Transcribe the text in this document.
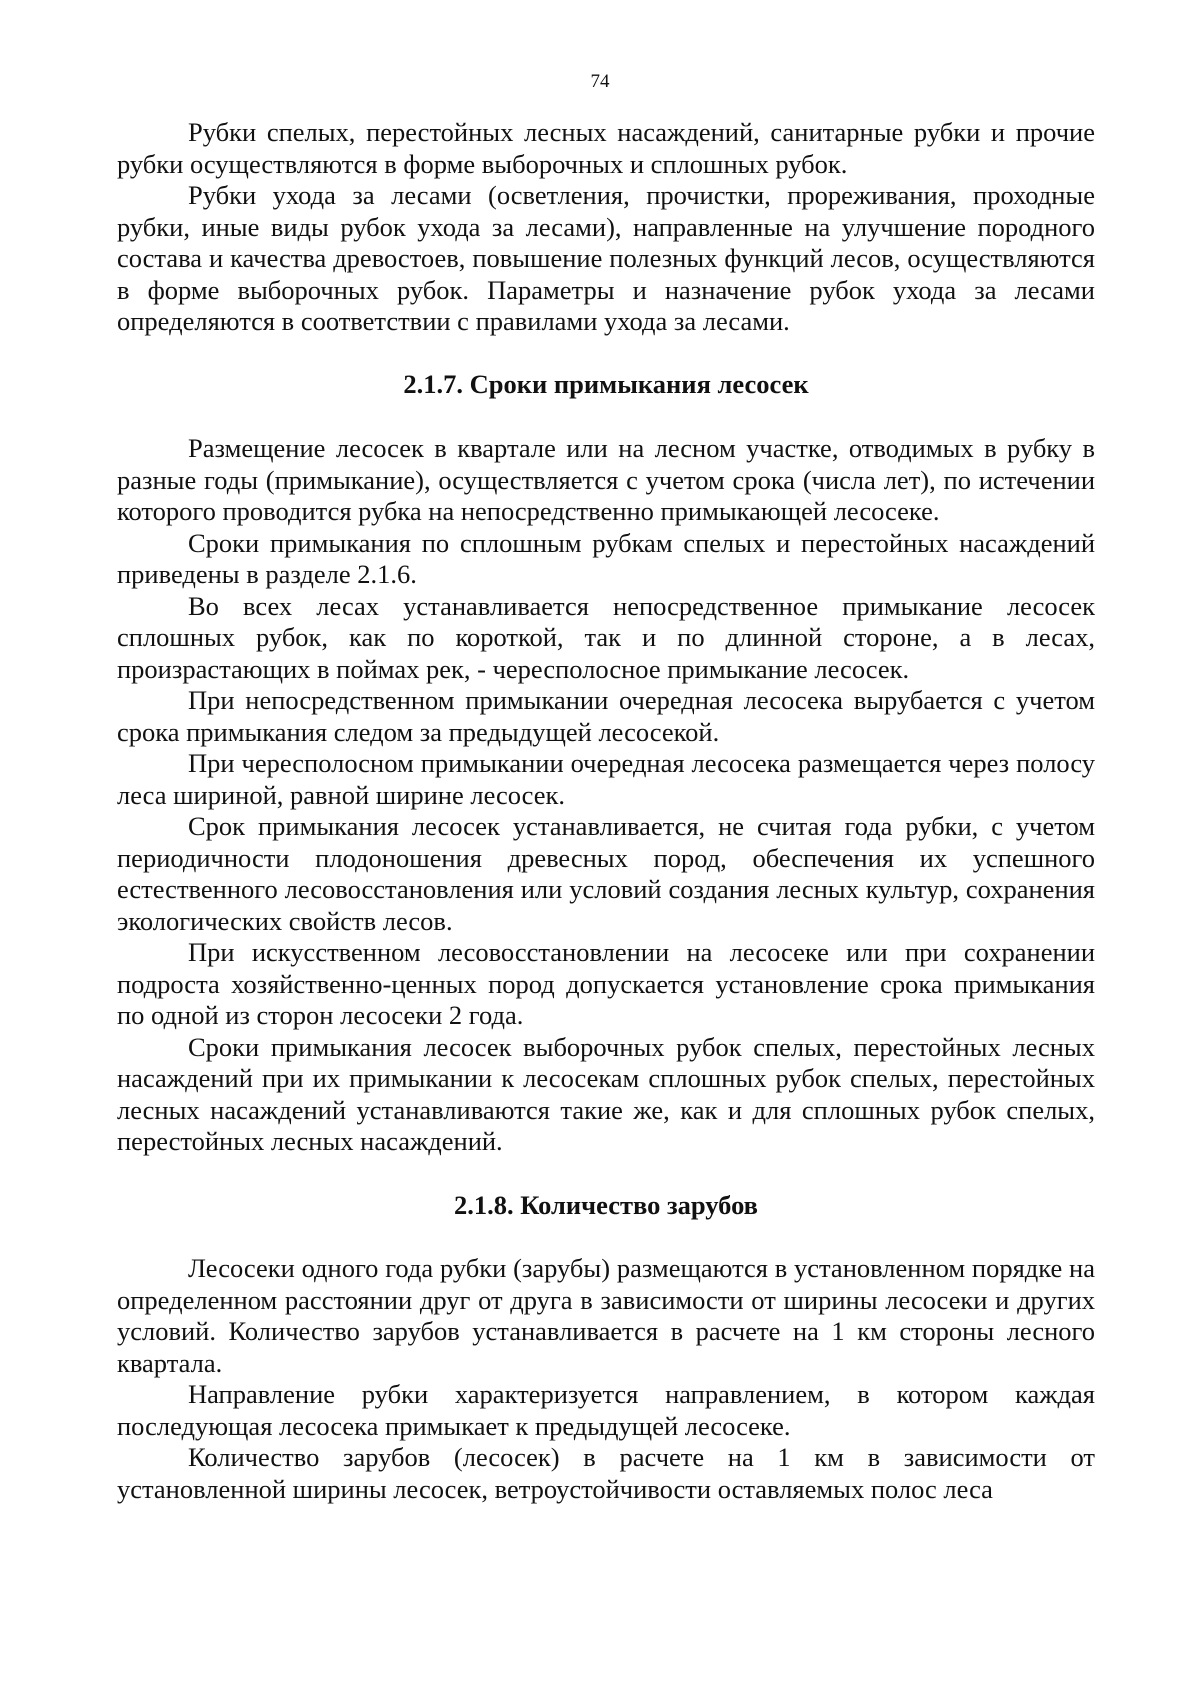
74

Рубки спелых, перестойных лесных насаждений, санитарные рубки и прочие рубки осуществляются в форме выборочных и сплошных рубок.

Рубки ухода за лесами (осветления, прочистки, прореживания, проходные рубки, иные виды рубок ухода за лесами), направленные на улучшение породного состава и качества древостоев, повышение полезных функций лесов, осуществляются в форме выборочных рубок. Параметры и назначение рубок ухода за лесами определяются в соответствии с правилами ухода за лесами.

2.1.7. Сроки примыкания лесосек

Размещение лесосек в квартале или на лесном участке, отводимых в рубку в разные годы (примыкание), осуществляется с учетом срока (числа лет), по истечении которого проводится рубка на непосредственно примыкающей лесосеке.

Сроки примыкания по сплошным рубкам спелых и перестойных насаждений приведены в разделе 2.1.6.

Во всех лесах устанавливается непосредственное примыкание лесосек сплошных рубок, как по короткой, так и по длинной стороне, а в лесах, произрастающих в поймах рек, - чересполосное примыкание лесосек.

При непосредственном примыкании очередная лесосека вырубается с учетом срока примыкания следом за предыдущей лесосекой.

При чересполосном примыкании очередная лесосека размещается через полосу леса шириной, равной ширине лесосек.

Срок примыкания лесосек устанавливается, не считая года рубки, с учетом периодичности плодоношения древесных пород, обеспечения их успешного естественного лесовосстановления или условий создания лесных культур, сохранения экологических свойств лесов.

При искусственном лесовосстановлении на лесосеке или при сохранении подроста хозяйственно-ценных пород допускается установление срока примыкания по одной из сторон лесосеки 2 года.

Сроки примыкания лесосек выборочных рубок спелых, перестойных лесных насаждений при их примыкании к лесосекам сплошных рубок спелых, перестойных лесных насаждений устанавливаются такие же, как и для сплошных рубок спелых, перестойных лесных насаждений.

2.1.8. Количество зарубов

Лесосеки одного года рубки (зарубы) размещаются в установленном порядке на определенном расстоянии друг от друга в зависимости от ширины лесосеки и других условий. Количество зарубов устанавливается в расчете на 1 км стороны лесного квартала.

Направление рубки характеризуется направлением, в котором каждая последующая лесосека примыкает к предыдущей лесосеке.

Количество зарубов (лесосек) в расчете на 1 км в зависимости от установленной ширины лесосек, ветроустойчивости оставляемых полос леса
